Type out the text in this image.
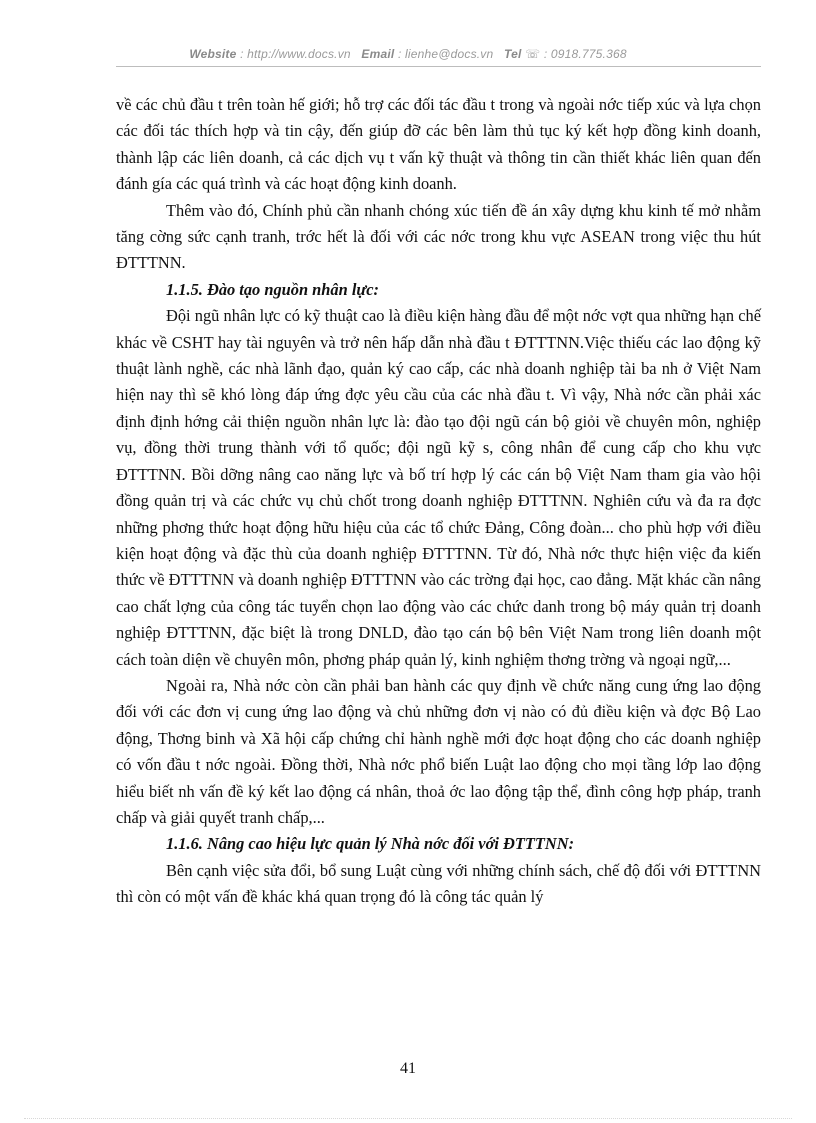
Website : http://www.docs.vn Email : lienhe@docs.vn Tel ☏ : 0918.775.368

về các chủ đầu t trên toàn hế giới; hỗ trợ các đối tác đầu t trong và ngoài nớc tiếp xúc và lựa chọn các đối tác thích hợp và tin cậy, đến giúp đỡ các bên làm thủ tục ký kết hợp đồng kinh doanh, thành lập các liên doanh, cả các dịch vụ t vấn kỹ thuật và thông tin cần thiết khác liên quan đến đánh gía các quá trình và các hoạt động kinh doanh.

Thêm vào đó, Chính phủ cần nhanh chóng xúc tiến đề án xây dựng khu kinh tế mở nhằm tăng cờng sức cạnh tranh, trớc hết là đối với các nớc trong khu vực ASEAN trong việc thu hút ĐTTTNN.

1.1.5. Đào tạo nguồn nhân lực:

Đội ngũ nhân lực có kỹ thuật cao là điều kiện hàng đầu để một nớc vợt qua những hạn chế khác về CSHT hay tài nguyên và trở nên hấp dẫn nhà đầu t ĐTTTNN.Việc thiếu các lao động kỹ thuật lành nghề, các nhà lãnh đạo, quản ký cao cấp, các nhà doanh nghiệp tài ba nh ở Việt Nam hiện nay thì sẽ khó lòng đáp ứng đợc yêu cầu của các nhà đầu t. Vì vậy, Nhà nớc cần phải xác định định hớng cải thiện nguồn nhân lực là: đào tạo đội ngũ cán bộ giỏi về chuyên môn, nghiệp vụ, đồng thời trung thành với tổ quốc; đội ngũ kỹ s, công nhân để cung cấp cho khu vực ĐTTTNN. Bồi dỡng nâng cao năng lực và bố trí hợp lý các cán bộ Việt Nam tham gia vào hội đồng quản trị và các chức vụ chủ chốt trong doanh nghiệp ĐTTTNN. Nghiên cứu và đa ra đợc những phơng thức hoạt động hữu hiệu của các tổ chức Đảng, Công đoàn... cho phù hợp với điều kiện hoạt động và đặc thù của doanh nghiệp ĐTTTNN. Từ đó, Nhà nớc thực hiện việc đa kiến thức về ĐTTTNN và doanh nghiệp ĐTTTNN vào các trờng đại học, cao đẳng. Mặt khác cần nâng cao chất lợng của công tác tuyển chọn lao động vào các chức danh trong bộ máy quản trị doanh nghiệp ĐTTTNN, đặc biệt là trong DNLD, đào tạo cán bộ bên Việt Nam trong liên doanh một cách toàn diện về chuyên môn, phơng pháp quản lý, kinh nghiệm thơng trờng và ngoại ngữ,...

Ngoài ra, Nhà nớc còn cần phải ban hành các quy định về chức năng cung ứng lao động đối với các đơn vị cung ứng lao động và chủ những đơn vị nào có đủ điều kiện và đợc Bộ Lao động, Thơng binh và Xã hội cấp chứng chỉ hành nghề mới đợc hoạt động cho các doanh nghiệp có vốn đầu t nớc ngoài. Đồng thời, Nhà nớc phổ biến Luật lao động cho mọi tầng lớp lao động hiểu biết nh vấn đề ký kết lao động cá nhân, thoả ớc lao động tập thể, đình công hợp pháp, tranh chấp và giải quyết tranh chấp,...

1.1.6. Nâng cao hiệu lực quản lý Nhà nớc đối với ĐTTTNN:

Bên cạnh việc sửa đổi, bổ sung Luật cùng với những chính sách, chế độ đối với ĐTTTNN thì còn có một vấn đề khác khá quan trọng đó là công tác quản lý

41
